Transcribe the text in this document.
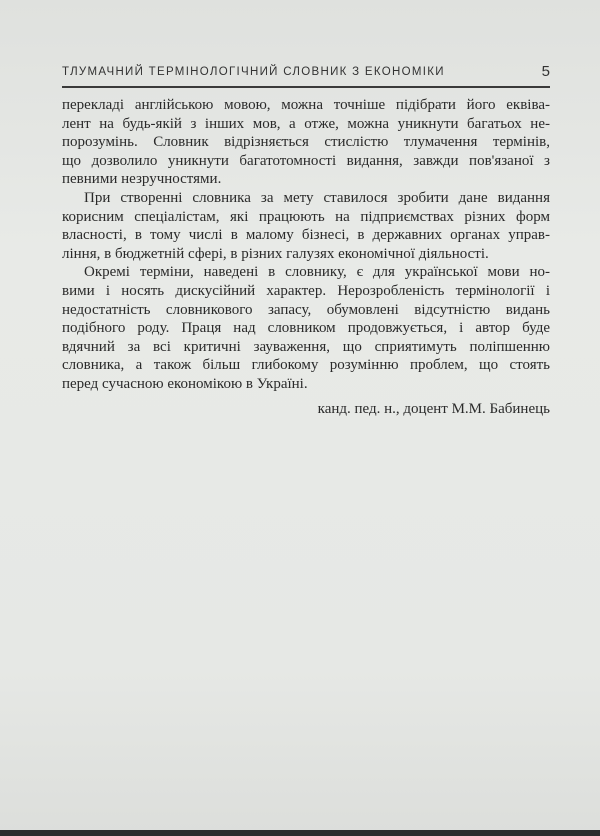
ТЛУМАЧНИЙ ТЕРМІНОЛОГІЧНИЙ СЛОВНИК З ЕКОНОМІКИ	5
перекладі англійською мовою, можна точніше підібрати його еквіва-
лент на будь-якій з інших мов, а отже, можна уникнути багатьох не-
порозумінь. Словник відрізняється стислістю тлумачення термінів,
що дозволило уникнути багатотомності видання, завжди пов'язаної з
певними незручностями.
При створенні словника за мету ставилося зробити дане видання
корисним спеціалістам, які працюють на підприємствах різних форм
власності, в тому числі в малому бізнесі, в державних органах управ-
ління, в бюджетній сфері, в різних галузях економічної діяльності.
Окремі терміни, наведені в словнику, є для української мови но-
вими і носять дискусійний характер. Нерозробленість термінології і
недостатність словникового запасу, обумовлені відсутністю видань
подібного роду. Праця над словником продовжується, і автор буде
вдячний за всі критичні зауваження, що сприятимуть поліпшенню
словника, а також більш глибокому розумінню проблем, що стоять
перед сучасною економікою в Україні.
канд. пед. н., доцент М.М. Бабинець
